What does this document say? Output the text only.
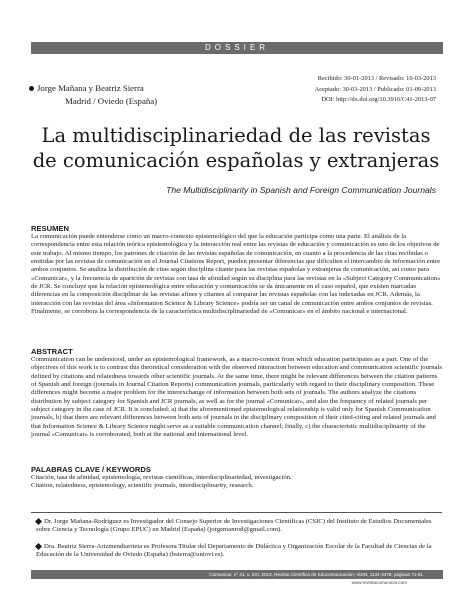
DOSSIER
Jorge Mañana y Beatriz Sierra
Madrid / Oviedo (España)
Recibido: 30-01-2013 / Revisado: 10-03-2013
Aceptado: 30-03-2013 / Publicado: 01-09-2013
DOI: http://dx.doi.org/10.3916/C41-2013-07
La multidisciplinariedad de las revistas de comunicación españolas y extranjeras
The Multidisciplinarity in Spanish and Foreign Communication Journals
RESUMEN
La comunicación puede entenderse como un macro-contexto epistemológico del que la educación participa como una parte. El análisis de la correspondencia entre esta relación teórica epistemológica y la interacción real entre las revistas de educación y comunicación es uno de los objetivos de este trabajo. Al mismo tiempo, los patrones de citación de las revistas españolas de comunicación, en cuanto a la procedencia de las citas recibidas o emitidas por las revistas de comunicación en el Journal Citations Report, pueden presentar diferencias que dificulten el intercambio de información entre ambos conjuntos. Se analiza la distribución de citas según disciplina citante para las revistas españolas y extranjeras de comunicación, así como para «Comunicar», y la frecuencia de aparición de revistas con tasa de afinidad según su disciplina para las revistas en la «Subject Category Communication» de JCR. Se concluye que la relación epistemológica entre educación y comunicación se da únicamente en el caso español, que existen marcadas diferencias en la composición disciplinar de las revistas afines y citantes al comparar las revistas españolas con las indexadas en JCR. Además, la interacción con las revistas del área «Information Science & Library Science» podría ser un canal de comunicación entre ambos conjuntos de revistas. Finalmente, se corrobora la correspondencia de la característica multidisciplinariedad de «Comunicar» en el ámbito nacional e internacional.
ABSTRACT
Communication can be understood, under an epistemological framework, as a macro-context from which education participates as a part. One of the objectives of this work is to contrast this theoretical consideration with the observed interaction between education and communication scientific journals defined by citations and relatedness towards other scientific journals. At the same time, there might be relevant differences between the citation patterns of Spanish and foreign (journals in Journal Citation Reports) communication journals, particularly with regard to their disciplinary composition. These differences might become a major problem for the interexchange of information between both sets of journals. The authors analyze the citations distribution by subject category for Spanish and JCR journals, as well as for the journal «Comunicar», and also the frequency of related journals per subject category in the case of JCR. It is concluded: a) that the aforementioned epistemological relationship is valid only for Spanish Communication journals, b) that there are relevant differences between both sets of journals in the disciplinary composition of their cited-citing and related journals and that Information Science & Library Science might serve as a suitable communication channel; finally, c) the characteristic multidisciplinarity of the journal «Comunicar» is corroborated, both at the national and international level.
PALABRAS CLAVE / KEYWORDS
Citación, tasa de afinidad, epistemología, revistas científicas, interdisciplinariedad, investigación.
Citation, relatedness, epistemology, scientific journals, interdisciplinarity, research.
Dr. Jorge Mañana-Rodríguez es Investigador del Consejo Superior de Investigaciones Científicas (CSIC) del Instituto de Estudios Documentales sobre Ciencia y Tecnología (Grupo EPUC) en Madrid (España) (jorgemanrod@gmail.com).
Dra. Beatriz Sierra-Arizmendiarrieta es Profesora Titular del Departamento de Didáctica y Organización Escolar de la Facultad de Ciencias de la Educación de la Universidad de Oviedo (España) (bsierra@uniovi.es).
Comunicar, nº 41, v. XXI, 2013, Revista Científica de Educomunicación; ISSN: 1134-3478; páginas 71-81
www.revistacomunicar.com
